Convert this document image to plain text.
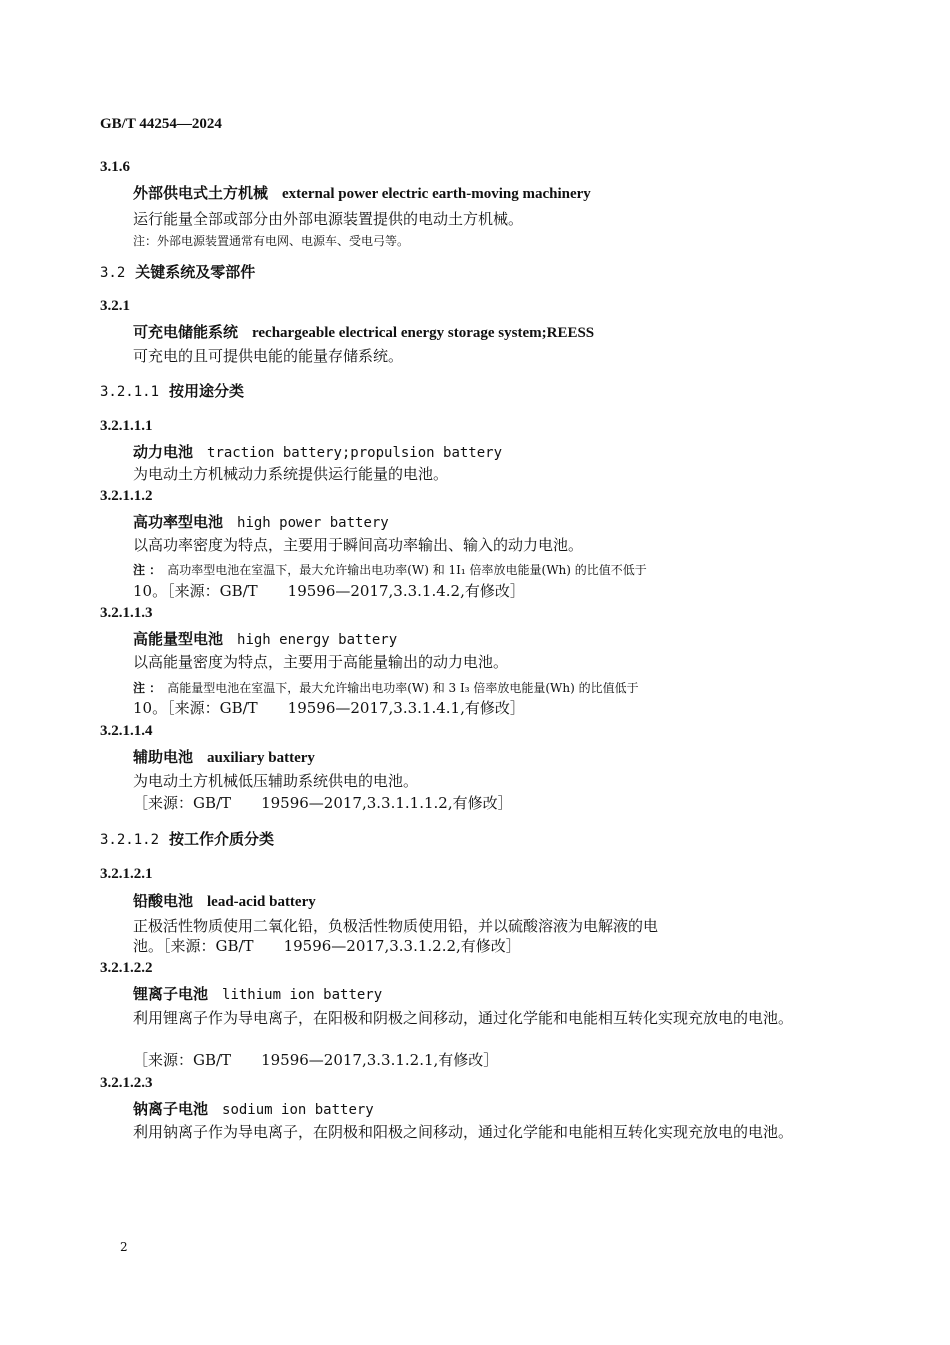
GB/T 44254—2024
3.1.6
外部供电式土方机械 external power electric earth-moving machinery
运行能量全部或部分由外部电源装置提供的电动土方机械。
注：外部电源装置通常有电网、电源车、受电弓等。
3.2 关键系统及零部件
3.2.1
可充电储能系统 rechargeable electrical energy storage system;REESS
可充电的且可提供电能的能量存储系统。
3.2.1.1 按用途分类
3.2.1.1.1
动力电池 traction battery;propulsion battery
为电动土方机械动力系统提供运行能量的电池。
3.2.1.1.2
高功率型电池 high power battery
以高功率密度为特点，主要用于瞬间高功率输出、输入的动力电池。
注 ： 高功率型电池在室温下，最大允许输出电功率(W) 和 1I₁ 倍率放电能量(Wh) 的比值不低于
10。［来源：GB/T　　19596—2017,3.3.1.4.2,有修改］
3.2.1.1.3
高能量型电池 high energy battery
以高能量密度为特点，主要用于高能量输出的动力电池。
注 ： 高能量型电池在室温下，最大允许输出电功率(W) 和 3 I₃ 倍率放电能量(Wh) 的比值低于
10。［来源：GB/T　　19596—2017,3.3.1.4.1,有修改］
3.2.1.1.4
辅助电池 auxiliary battery
为电动土方机械低压辅助系统供电的电池。
［来源：GB/T　　19596—2017,3.3.1.1.1.2,有修改］
3.2.1.2 按工作介质分类
3.2.1.2.1
铅酸电池 lead-acid battery
正极活性物质使用二氧化铅，负极活性物质使用铅，并以硫酸溶液为电解液的电
池。［来源：GB/T　　19596—2017,3.3.1.2.2,有修改］
3.2.1.2.2
锂离子电池 lithium ion battery
利用锂离子作为导电离子，在阳极和阴极之间移动，通过化学能和电能相互转化实现充放电的电池。
［来源：GB/T　　19596—2017,3.3.1.2.1,有修改］
3.2.1.2.3
钠离子电池 sodium ion battery
利用钠离子作为导电离子，在阴极和阳极之间移动，通过化学能和电能相互转化实现充放电的电池。
2
